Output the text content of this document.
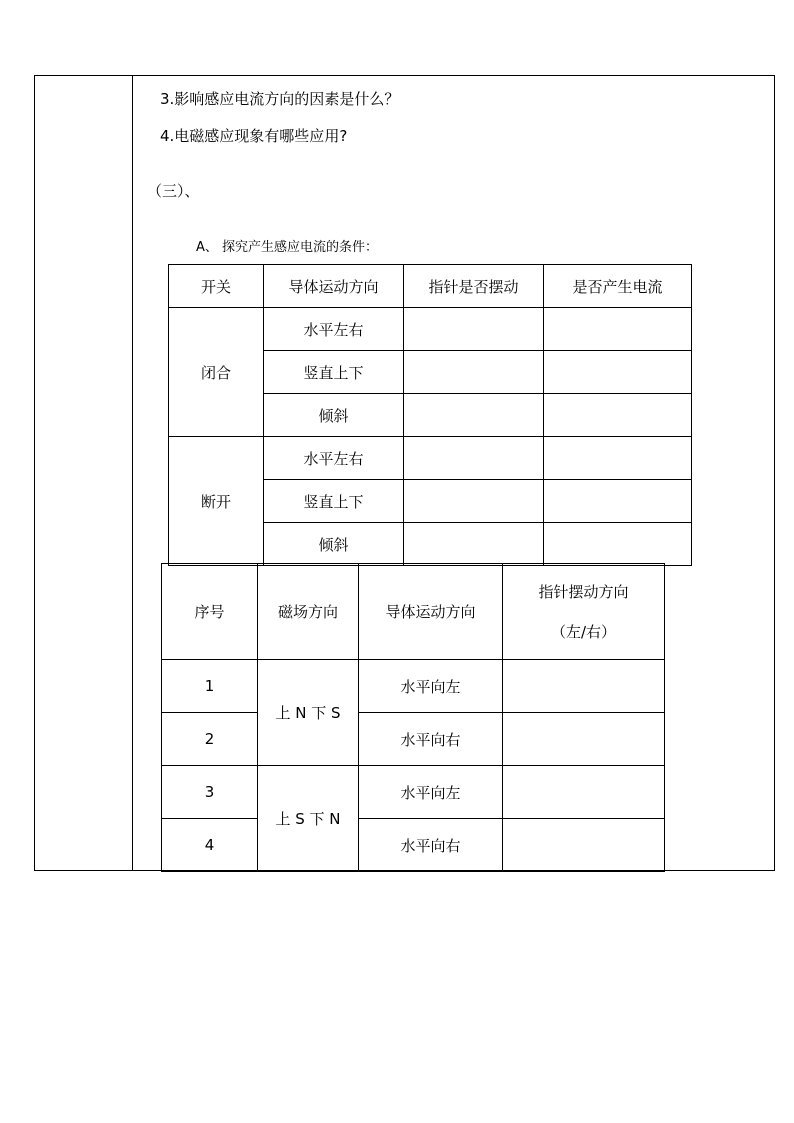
3.影响感应电流方向的因素是什么？
4.电磁感应现象有哪些应用?
（三）、
A、 探究产生感应电流的条件：
开关	导体运动方向	指针是否摆动	是否产生电流
闭合	水平左右		
	竖直上下		
	倾斜		
断开	水平左右		
	竖直上下		
	倾斜		
序号	磁场方向	导体运动方向	指针摆动方向
（左/右）

1	上 N 下 S	水平向左	
2		水平向右	
3	上 S 下 N	水平向左	
4		水平向右	
